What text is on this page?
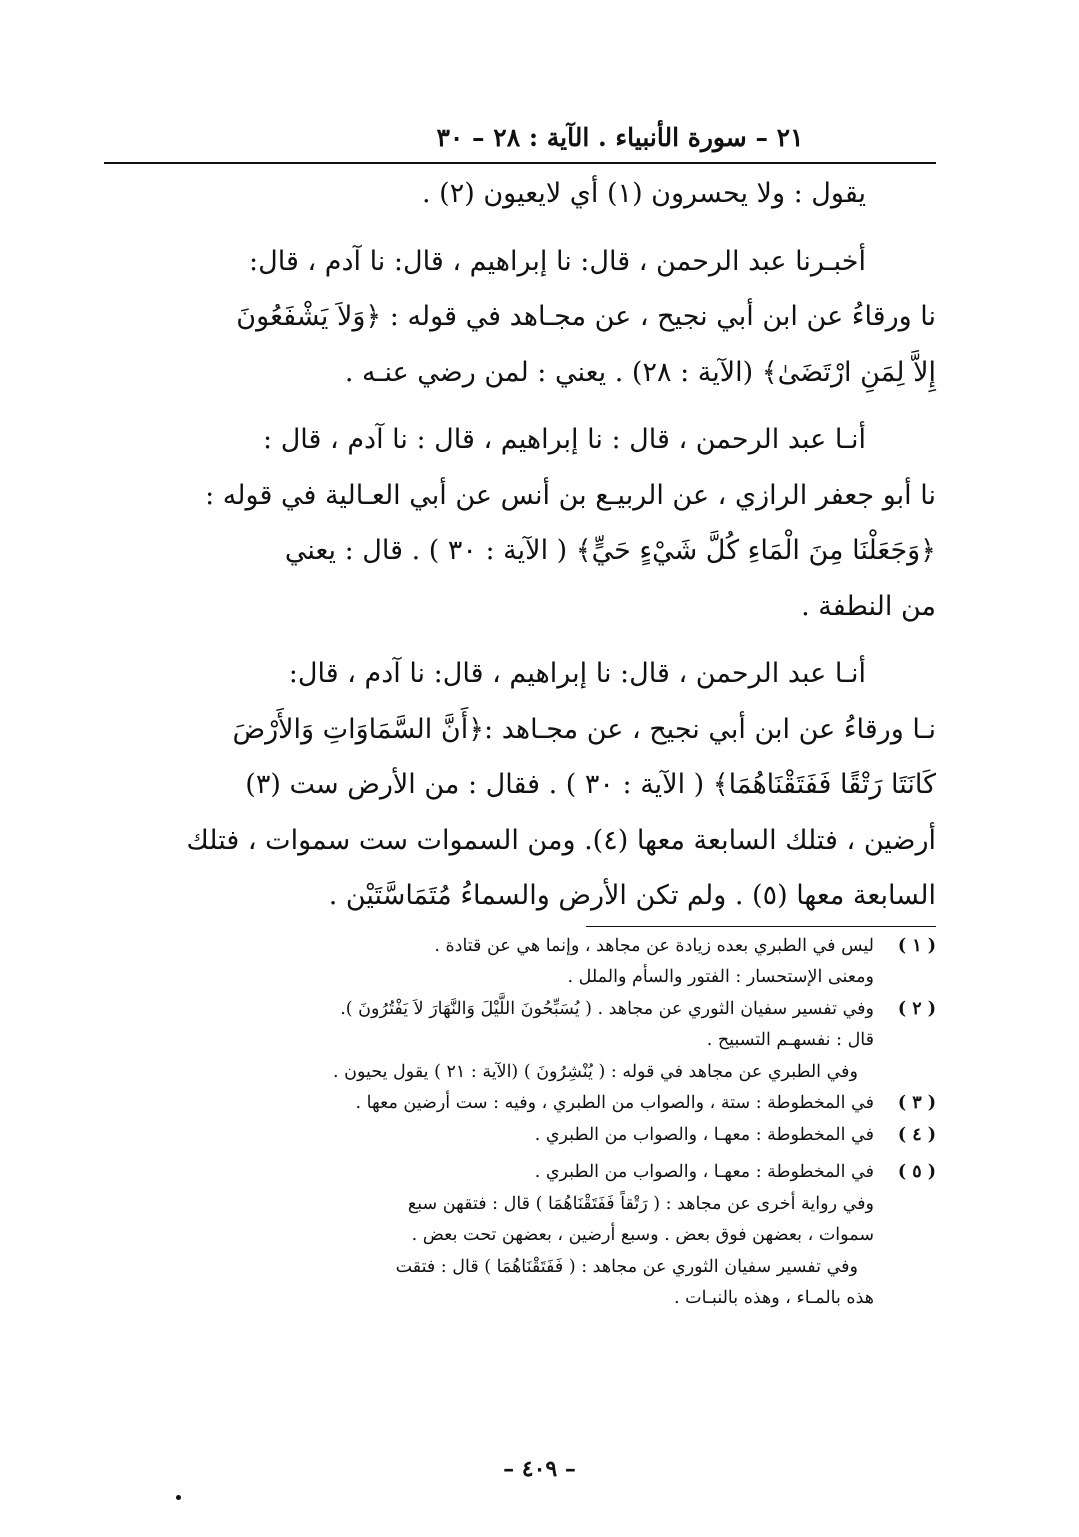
٢١ – سورة الأنبياء . الآية : ٢٨ – ٣٠

يقول : ولا يحسرون (١) أي لايعيون (٢) .

أخبـرنا عبد الرحمن ، قال: نا إبراهيم ، قال: نا آدم ، قال:
نا ورقاءُ عن ابن أبي نجيح ، عن مجـاهد في قوله : ﴿وَلاَ يَشْفَعُونَ
إِلاَّ لِمَنِ ارْتَضَىٰ﴾ (الآية : ٢٨) . يعني : لمن رضي عنـه .

أنـا عبد الرحمن ، قال : نا إبراهيم ، قال : نا آدم ، قال :
نا أبو جعفر الرازي ، عن الربيـع بن أنس عن أبي العـالية في قوله :
﴿وَجَعَلْنَا مِنَ الْمَاءِ كُلَّ شَيْءٍ حَيٍّ﴾ ( الآية : ٣٠ ) . قال : يعني
من النطفة .

أنـا عبد الرحمن ، قال: نا إبراهيم ، قال: نا آدم ، قال:
نـا ورقاءُ عن ابن أبي نجيح ، عن مجـاهد :﴿أَنَّ السَّمَاوَاتِ وَالأَرْضَ
كَانَتَا رَتْقًا فَفَتَقْنَاهُمَا﴾ ( الآية : ٣٠ ) . فقال : من الأرض ست (٣)
أرضين ، فتلك السابعة معها (٤). ومن السموات ست سموات ، فتلك
السابعة معها (٥) . ولم تكن الأرض والسماءُ مُتَمَاسَّتَيْن .

( ١ )
ليس في الطبري بعده زيادة عن مجاهد ، وإنما هي عن قتادة .
ومعنى الإستحسار : الفتور والسأم والملل .
( ٢ )
وفي تفسير سفيان الثوري عن مجاهد . ( يُسَبِّحُونَ اللَّيْلَ وَالنَّهَارَ لاَ يَفْتُرُونَ ).
قال : نفسهـم التسبيح .
وفي الطبري عن مجاهد في قوله : ( يُنْشِرُونَ ) (الآية : ٢١ ) يقول يحيون .
( ٣ )
في المخطوطة : ستة ، والصواب من الطبري ، وفيه : ست أرضين معها .
( ٤ )
في المخطوطة : معهـا ، والصواب من الطبري .
( ٥ )
في المخطوطة : معهـا ، والصواب من الطبري .
وفي رواية أخرى عن مجاهد : ( رَتْقاً فَفَتَقْنَاهُمَا ) قال : فتقهن سبع
سموات ، بعضهن فوق بعض . وسبع أرضين ، بعضهن تحت بعض .
وفي تفسير سفيان الثوري عن مجاهد : ( فَفَتَقْنَاهُمَا ) قال : فتقت
هذه بالمـاء ، وهذه بالنبـات .
– ٤٠٩ –
